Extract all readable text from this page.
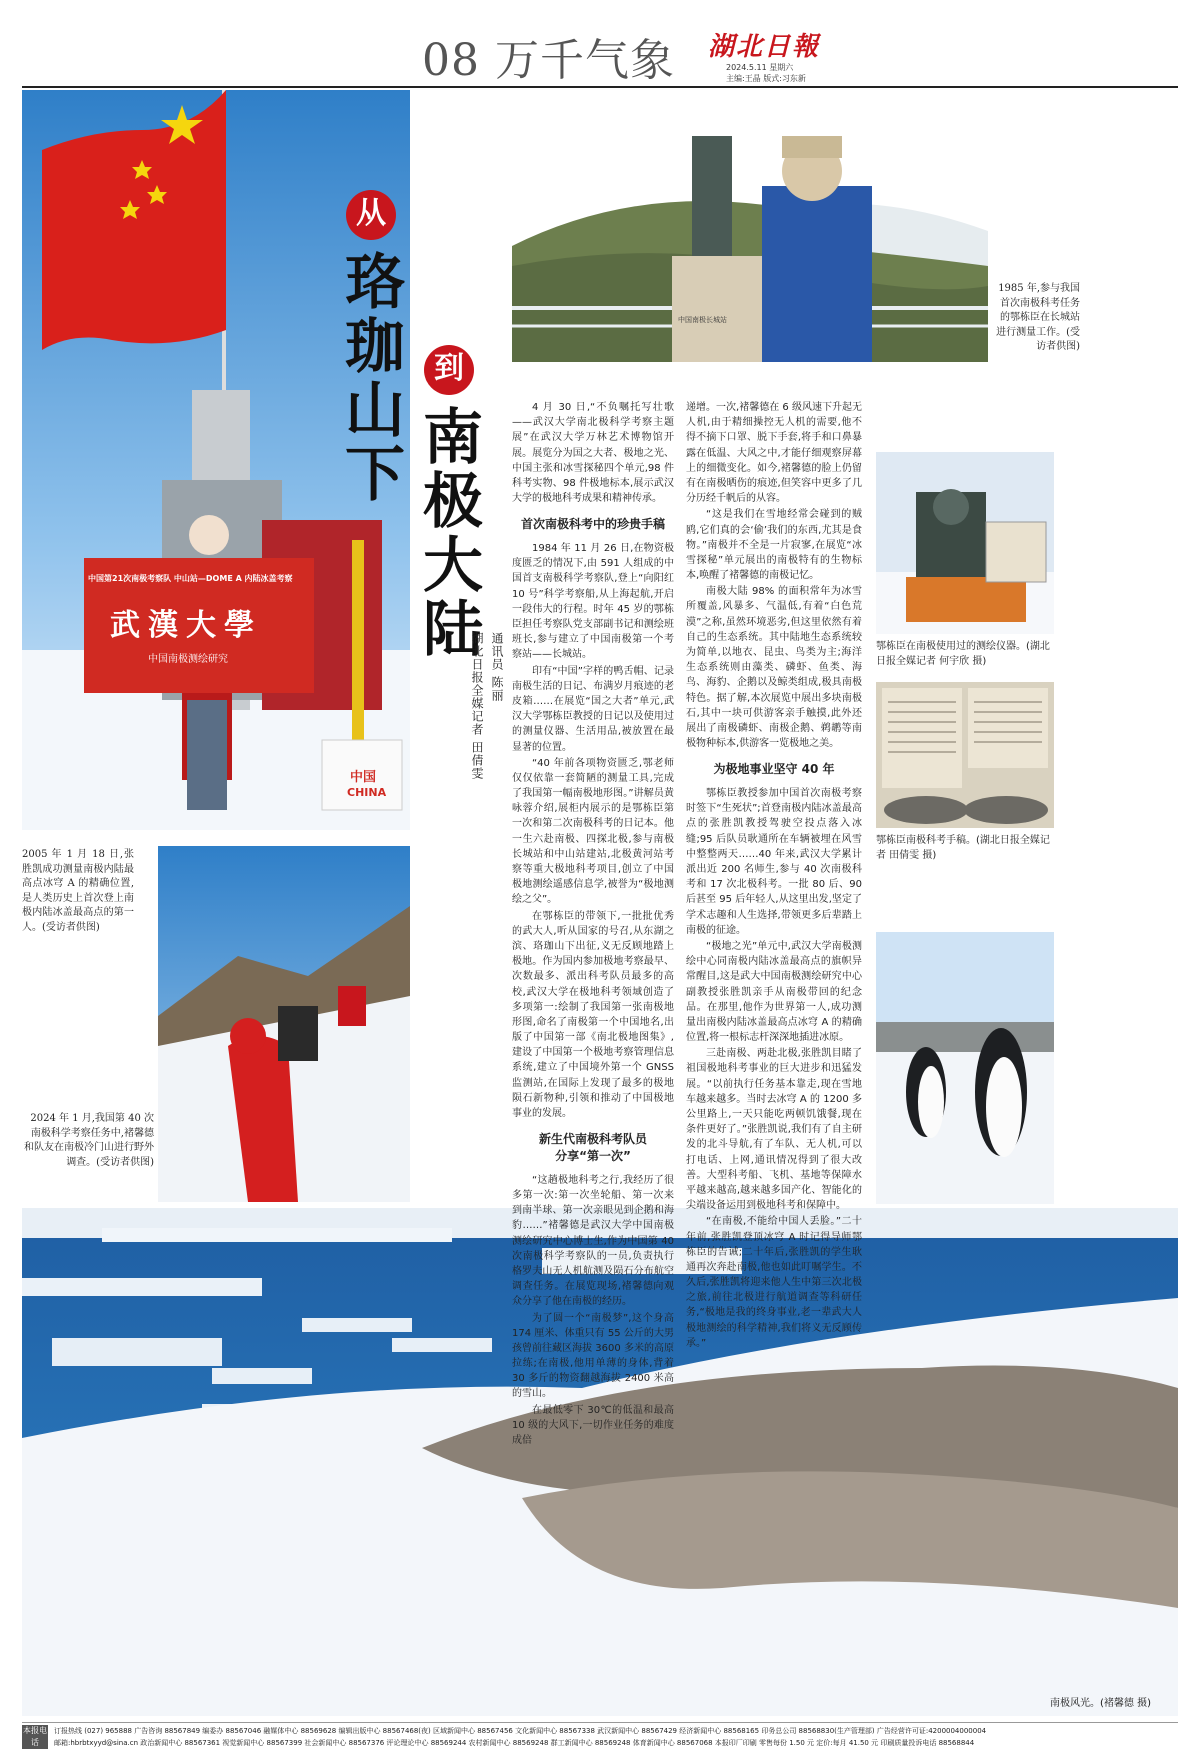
08 万千气象 湖北日報
2024.5.11 星期六
主编:王晶 版式:习东新
中国第21次南极考察队 中山站—DOME A 内陆冰盖考察
武漢大學
中国南极测绘研究
中国
CHINA
从
珞珈山下 到
南极大陆
湖北日报全媒记者 田倩雯 通讯员 陈丽
2005 年 1 月 18 日,张胜凯成功测量南极内陆最高点冰穹 A 的精确位置,是人类历史上首次登上南极内陆冰盖最高点的第一人。(受访者供图)
中国南极长城站
1985 年,参与我国首次南极科考任务的鄂栋臣在长城站进行测量工作。(受访者供图)
鄂栋臣在南极使用过的测绘仪器。(湖北日报全媒记者 何宇欣 摄)
鄂栋臣南极科考手稿。(湖北日报全媒记者 田倩雯 摄)
2024 年 1 月,我国第 40 次南极科学考察任务中,褚馨德和队友在南极冷门山进行野外调查。(受访者供图)
南极风光。(褚馨德 摄)

4 月 30 日,“不负嘱托写壮歌——武汉大学南北极科学考察主题展”在武汉大学万林艺术博物馆开展。展览分为国之大者、极地之光、中国主张和冰雪探秘四个单元,98 件科考实物、98 件极地标本,展示武汉大学的极地科考成果和精神传承。

首次南极科考中的珍贵手稿

1984 年 11 月 26 日,在物资极度匮乏的情况下,由 591 人组成的中国首支南极科学考察队,登上“向阳红 10 号”科学考察船,从上海起航,开启一段伟大的行程。时年 45 岁的鄂栋臣担任考察队党支部副书记和测绘班班长,参与建立了中国南极第一个考察站——长城站。

印有“中国”字样的鸭舌帽、记录南极生活的日记、布满岁月痕迹的老皮箱……在展览“国之大者”单元,武汉大学鄂栋臣教授的日记以及使用过的测量仪器、生活用品,被放置在最显著的位置。

“40 年前各项物资匮乏,鄂老师仅仅依靠一套简陋的测量工具,完成了我国第一幅南极地形图。”讲解员黄咏蓉介绍,展柜内展示的是鄂栋臣第一次和第二次南极科考的日记本。他一生六赴南极、四探北极,参与南极长城站和中山站建站,北极黄河站考察等重大极地科考项目,创立了中国极地测绘遥感信息学,被誉为“极地测绘之父”。

在鄂栋臣的带领下,一批批优秀的武大人,听从国家的号召,从东湖之滨、珞珈山下出征,义无反顾地踏上极地。作为国内参加极地考察最早、次数最多、派出科考队员最多的高校,武汉大学在极地科考领域创造了多项第一:绘制了我国第一张南极地形图,命名了南极第一个中国地名,出版了中国第一部《南北极地图集》,建设了中国第一个极地考察管理信息系统,建立了中国境外第一个 GNSS 监测站,在国际上发现了最多的极地陨石新物种,引领和推动了中国极地事业的发展。

新生代南极科考队员
分享“第一次”

“这趟极地科考之行,我经历了很多第一次:第一次坐轮船、第一次来到南半球、第一次亲眼见到企鹅和海豹……”褚馨德是武汉大学中国南极测绘研究中心博士生,作为中国第 40 次南极科学考察队的一员,负责执行格罗夫山无人机航测及陨石分布航空调查任务。在展览现场,褚馨德向观众分享了他在南极的经历。

为了圆一个“南极梦”,这个身高 174 厘米、体重只有 55 公斤的大男孩曾前往藏区海拔 3600 多米的高原拉练;在南极,他用单薄的身体,背着 30 多斤的物资翻越海拔 2400 米高的雪山。

在最低零下 30℃的低温和最高 10 级的大风下,一切作业任务的难度成倍

递增。一次,褚馨德在 6 级风速下升起无人机,由于精细操控无人机的需要,他不得不摘下口罩、脱下手套,将手和口鼻暴露在低温、大风之中,才能仔细观察屏幕上的细微变化。如今,褚馨德的脸上仍留有在南极晒伤的痕迹,但笑容中更多了几分历经千帆后的从容。

“这是我们在雪地经常会碰到的贼鸥,它们真的会‘偷’我们的东西,尤其是食物。”南极并不全是一片寂寥,在展览“冰雪探秘”单元展出的南极特有的生物标本,唤醒了褚馨德的南极记忆。

南极大陆 98% 的面积常年为冰雪所覆盖,风暴多、气温低,有着“白色荒漠”之称,虽然环境恶劣,但这里依然有着自己的生态系统。其中陆地生态系统较为简单,以地衣、昆虫、鸟类为主;海洋生态系统则由藻类、磷虾、鱼类、海鸟、海豹、企鹅以及鲸类组成,极具南极特色。据了解,本次展览中展出多块南极石,其中一块可供游客亲手触摸,此外还展出了南极磷虾、南极企鹅、鹈鹕等南极物种标本,供游客一览极地之美。

为极地事业坚守 40 年

鄂栋臣教授参加中国首次南极考察时签下“生死状”;首登南极内陆冰盖最高点的张胜凯教授驾驶空投点落入冰缝;95 后队员耿通所在车辆被埋在风雪中整整两天……40 年来,武汉大学累计派出近 200 名师生,参与 40 次南极科考和 17 次北极科考。一批 80 后、90 后甚至 95 后年轻人,从这里出发,坚定了学术志趣和人生选择,带领更多后辈踏上南极的征途。

“极地之光”单元中,武汉大学南极测绘中心同南极内陆冰盖最高点的旗帜异常醒目,这是武大中国南极测绘研究中心副教授张胜凯亲手从南极带回的纪念品。在那里,他作为世界第一人,成功测量出南极内陆冰盖最高点冰穹 A 的精确位置,将一根标志杆深深地插进冰原。

三赴南极、两赴北极,张胜凯目睹了祖国极地科考事业的巨大进步和迅猛发展。“以前执行任务基本靠走,现在雪地车越来越多。当时去冰穹 A 的 1200 多公里路上,一天只能吃两顿饥饿餐,现在条件更好了。”张胜凯说,我们有了自主研发的北斗导航,有了车队、无人机,可以打电话、上网,通讯情况得到了很大改善。大型科考船、飞机、基地等保障水平越来越高,越来越多国产化、智能化的尖端设备运用到极地科考和保障中。

“在南极,不能给中国人丢脸。”二十年前,张胜凯登顶冰穹 A 时记得导师鄂栋臣的告诫;二十年后,张胜凯的学生耿通再次奔赴南极,他也如此叮嘱学生。不久后,张胜凯将迎来他人生中第三次北极之旅,前往北极进行航道调查等科研任务,“极地是我的终身事业,老一辈武大人极地测绘的科学精神,我们将义无反顾传承。”

本报电话
订报热线 (027) 965888 广告咨询 88567849 编委办 88567046 融媒体中心 88569628 编辑出版中心 88567468(夜) 区域新闻中心 88567456 文化新闻中心 88567338 武汉新闻中心 88567429 经济新闻中心 88568165 印务总公司 88568830(生产管理部) 广告经营许可证:4200004000004
邮箱:hbrbtxyyd@sina.cn 政治新闻中心 88567361 视觉新闻中心 88567399 社会新闻中心 88567376 评论理论中心 88569244 农村新闻中心 88569248 群工新闻中心 88569248 体育新闻中心 88567068 本报印厂印刷 零售每份 1.50 元 定价:每月 41.50 元 印刷质量投诉电话 88568844
